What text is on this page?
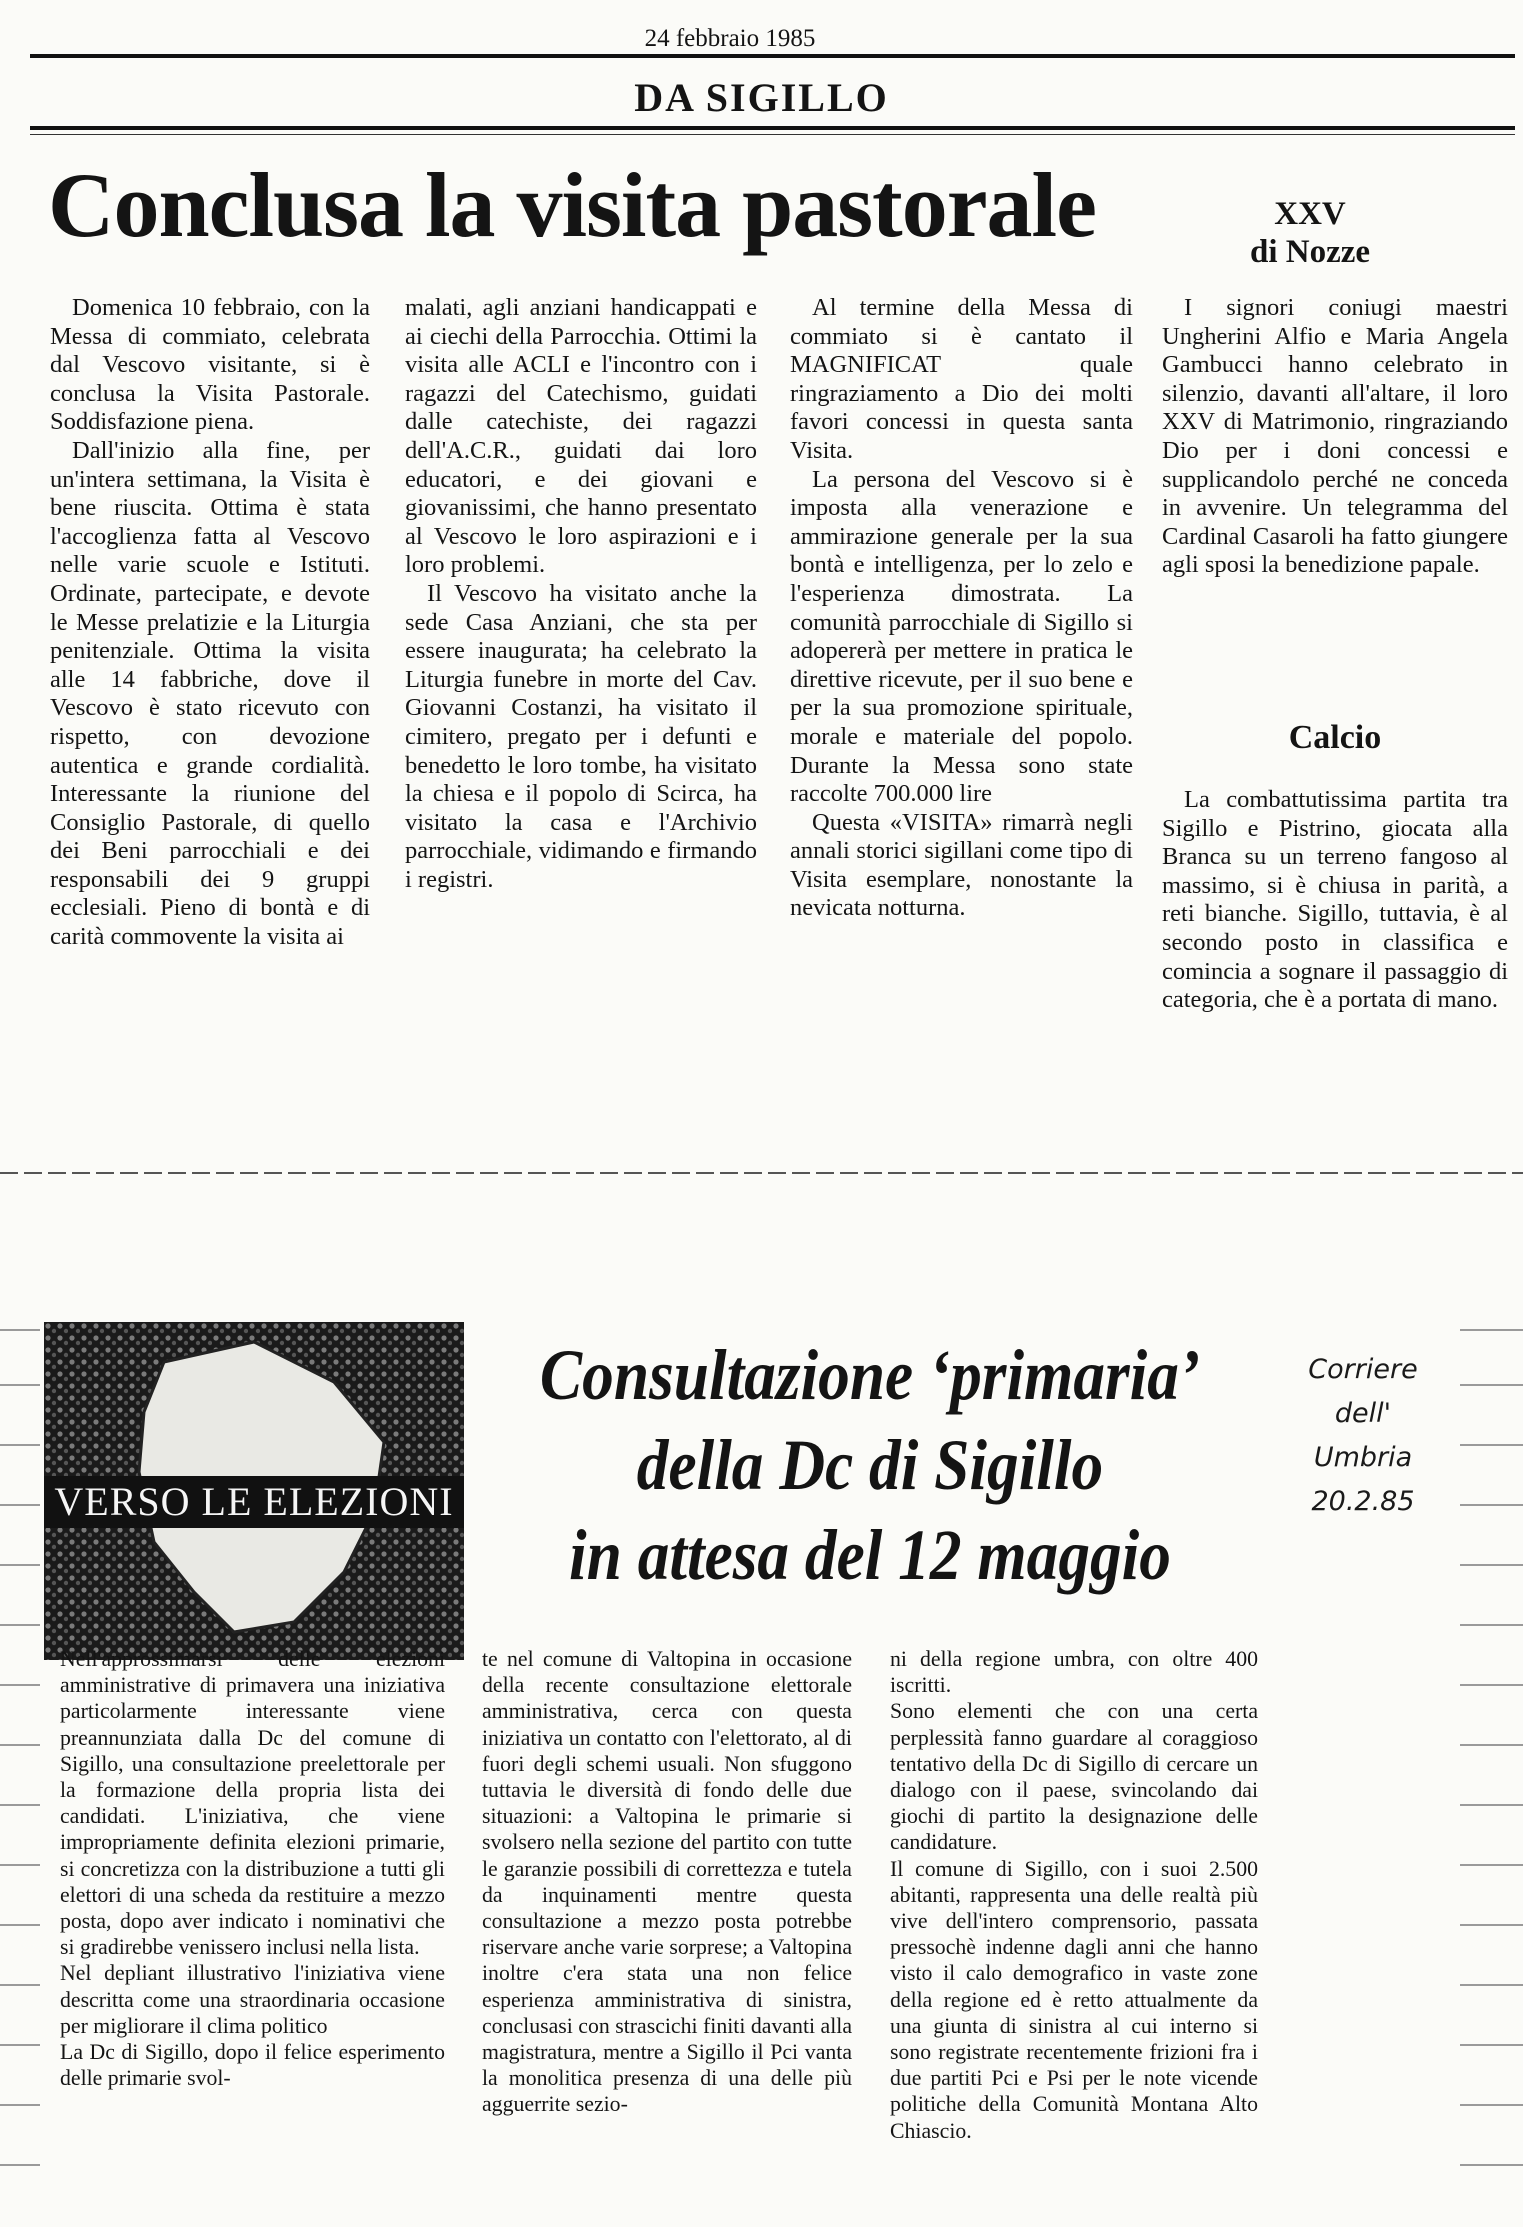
24 febbraio 1985
DA SIGILLO
Conclusa la visita pastorale	XXV
di Nozze

Domenica 10 febbraio, con la Messa di commiato, celebrata dal Vescovo visitante, si è conclusa la Visita Pastorale. Soddisfazione piena.

Dall'inizio alla fine, per un'intera settimana, la Visita è bene riuscita. Ottima è stata l'accoglienza fatta al Vescovo nelle varie scuole e Istituti. Ordinate, partecipate, e devote le Messe prelatizie e la Liturgia penitenziale. Ottima la visita alle 14 fabbriche, dove il Vescovo è stato ricevuto con rispetto, con devozione autentica e grande cordialità. Interessante la riunione del Consiglio Pastorale, di quello dei Beni parrocchiali e dei responsabili dei 9 gruppi ecclesiali. Pieno di bontà e di carità commovente la visita ai

malati, agli anziani handicappati e ai ciechi della Parrocchia. Ottimi la visita alle ACLI e l'incontro con i ragazzi del Catechismo, guidati dalle catechiste, dei ragazzi dell'A.C.R., guidati dai loro educatori, e dei giovani e giovanissimi, che hanno presentato al Vescovo le loro aspirazioni e i loro problemi.

Il Vescovo ha visitato anche la sede Casa Anziani, che sta per essere inaugurata; ha celebrato la Liturgia funebre in morte del Cav. Giovanni Costanzi, ha visitato il cimitero, pregato per i defunti e benedetto le loro tombe, ha visitato la chiesa e il popolo di Scirca, ha visitato la casa e l'Archivio parrocchiale, vidimando e firmando i registri.

Al termine della Messa di commiato si è cantato il MAGNIFICAT quale ringraziamento a Dio dei molti favori concessi in questa santa Visita.

La persona del Vescovo si è imposta alla venerazione e ammirazione generale per la sua bontà e intelligenza, per lo zelo e l'esperienza dimostrata. La comunità parrocchiale di Sigillo si adopererà per mettere in pratica le direttive ricevute, per il suo bene e per la sua promozione spirituale, morale e materiale del popolo. Durante la Messa sono state raccolte 700.000 lire

Questa «VISITA» rimarrà negli annali storici sigillani come tipo di Visita esemplare, nonostante la nevicata notturna.

I signori coniugi maestri Ungherini Alfio e Maria Angela Gambucci hanno celebrato in silenzio, davanti all'altare, il loro XXV di Matrimonio, ringraziando Dio per i doni concessi e supplicandolo perché ne conceda in avvenire. Un telegramma del Cardinal Casaroli ha fatto giungere agli sposi la benedizione papale.

Calcio

La combattutissima partita tra Sigillo e Pistrino, giocata alla Branca su un terreno fangoso al massimo, si è chiusa in parità, a reti bianche. Sigillo, tuttavia, è al secondo posto in classifica e comincia a sognare il passaggio di categoria, che è a portata di mano.

VERSO LE ELEZIONI
Consultazione ‘primaria’
della Dc di Sigillo
in attesa del 12 maggio
Corriere
dell'
Umbria
20.2.85

Nell'approssimarsi delle elezioni amministrative di primavera una iniziativa particolarmente interessante viene preannunziata dalla Dc del comune di Sigillo, una consultazione preelettorale per la formazione della propria lista dei candidati. L'iniziativa, che viene impropriamente definita elezioni primarie, si concretizza con la distribuzione a tutti gli elettori di una scheda da restituire a mezzo posta, dopo aver indicato i nominativi che si gradirebbe venissero inclusi nella lista.

Nel depliant illustrativo l'iniziativa viene descritta come una straordinaria occasione per migliorare il clima politico

La Dc di Sigillo, dopo il felice esperimento delle primarie svol-

te nel comune di Valtopina in occasione della recente consultazione elettorale amministrativa, cerca con questa iniziativa un contatto con l'elettorato, al di fuori degli schemi usuali. Non sfuggono tuttavia le diversità di fondo delle due situazioni: a Valtopina le primarie si svolsero nella sezione del partito con tutte le garanzie possibili di correttezza e tutela da inquinamenti mentre questa consultazione a mezzo posta potrebbe riservare anche varie sorprese; a Valtopina inoltre c'era stata una non felice esperienza amministrativa di sinistra, conclusasi con strascichi finiti davanti alla magistratura, mentre a Sigillo il Pci vanta la monolitica presenza di una delle più agguerrite sezio-

ni della regione umbra, con oltre 400 iscritti.

Sono elementi che con una certa perplessità fanno guardare al coraggioso tentativo della Dc di Sigillo di cercare un dialogo con il paese, svincolando dai giochi di partito la designazione delle candidature.

Il comune di Sigillo, con i suoi 2.500 abitanti, rappresenta una delle realtà più vive dell'intero comprensorio, passata pressochè indenne dagli anni che hanno visto il calo demografico in vaste zone della regione ed è retto attualmente da una giunta di sinistra al cui interno si sono registrate recentemente frizioni fra i due partiti Pci e Psi per le note vicende politiche della Comunità Montana Alto Chiascio.
